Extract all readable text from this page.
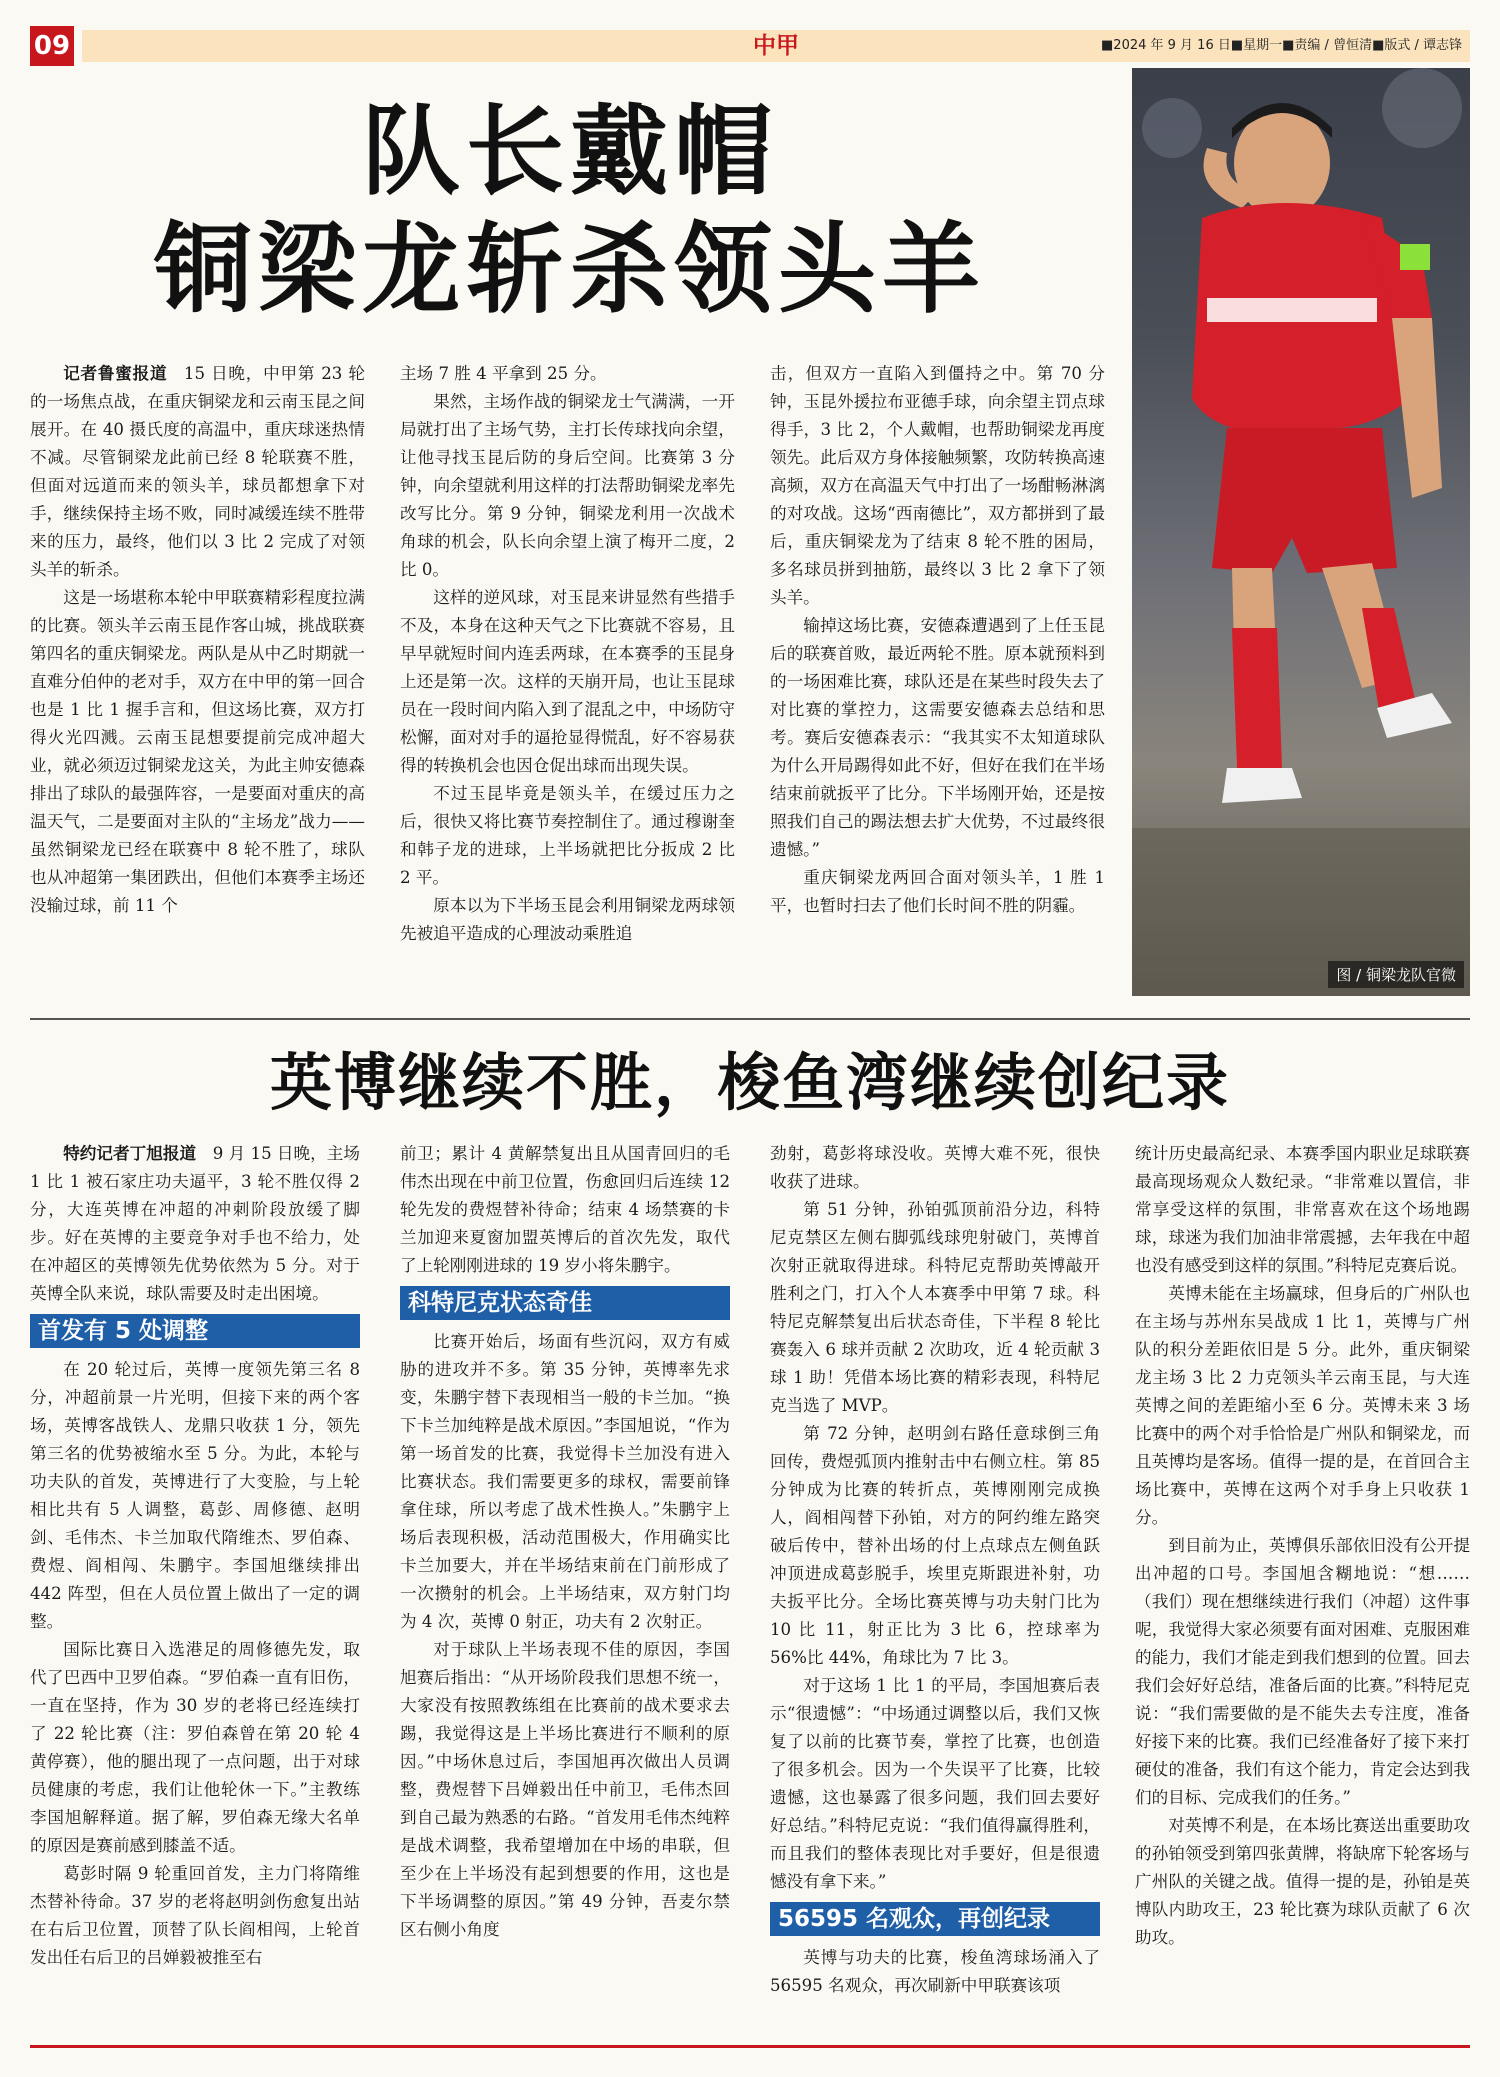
09	中甲	■2024 年 9 月 16 日■星期一■责编 / 曾恒清■版式 / 谭志锋
队长戴帽
铜梁龙斩杀领头羊
图 / 铜梁龙队官微

记者鲁蜜报道  15 日晚，中甲第 23 轮的一场焦点战，在重庆铜梁龙和云南玉昆之间展开。在 40 摄氏度的高温中，重庆球迷热情不减。尽管铜梁龙此前已经 8 轮联赛不胜，但面对远道而来的领头羊，球员都想拿下对手，继续保持主场不败，同时减缓连续不胜带来的压力，最终，他们以 3 比 2 完成了对领头羊的斩杀。

这是一场堪称本轮中甲联赛精彩程度拉满的比赛。领头羊云南玉昆作客山城，挑战联赛第四名的重庆铜梁龙。两队是从中乙时期就一直难分伯仲的老对手，双方在中甲的第一回合也是 1 比 1 握手言和，但这场比赛，双方打得火光四溅。云南玉昆想要提前完成冲超大业，就必须迈过铜梁龙这关，为此主帅安德森排出了球队的最强阵容，一是要面对重庆的高温天气，二是要面对主队的“主场龙”战力——虽然铜梁龙已经在联赛中 8 轮不胜了，球队也从冲超第一集团跌出，但他们本赛季主场还没输过球，前 11 个

主场 7 胜 4 平拿到 25 分。

果然，主场作战的铜梁龙士气满满，一开局就打出了主场气势，主打长传球找向余望，让他寻找玉昆后防的身后空间。比赛第 3 分钟，向余望就利用这样的打法帮助铜梁龙率先改写比分。第 9 分钟，铜梁龙利用一次战术角球的机会，队长向余望上演了梅开二度，2 比 0。

这样的逆风球，对玉昆来讲显然有些措手不及，本身在这种天气之下比赛就不容易，且早早就短时间内连丢两球，在本赛季的玉昆身上还是第一次。这样的天崩开局，也让玉昆球员在一段时间内陷入到了混乱之中，中场防守松懈，面对对手的逼抢显得慌乱，好不容易获得的转换机会也因仓促出球而出现失误。

不过玉昆毕竟是领头羊，在缓过压力之后，很快又将比赛节奏控制住了。通过穆谢奎和韩子龙的进球，上半场就把比分扳成 2 比 2 平。

原本以为下半场玉昆会利用铜梁龙两球领先被追平造成的心理波动乘胜追

击，但双方一直陷入到僵持之中。第 70 分钟，玉昆外援拉布亚德手球，向余望主罚点球得手，3 比 2，个人戴帽，也帮助铜梁龙再度领先。此后双方身体接触频繁，攻防转换高速高频，双方在高温天气中打出了一场酣畅淋漓的对攻战。这场“西南德比”，双方都拼到了最后，重庆铜梁龙为了结束 8 轮不胜的困局，多名球员拼到抽筋，最终以 3 比 2 拿下了领头羊。

输掉这场比赛，安德森遭遇到了上任玉昆后的联赛首败，最近两轮不胜。原本就预料到的一场困难比赛，球队还是在某些时段失去了对比赛的掌控力，这需要安德森去总结和思考。赛后安德森表示：“我其实不太知道球队为什么开局踢得如此不好，但好在我们在半场结束前就扳平了比分。下半场刚开始，还是按照我们自己的踢法想去扩大优势，不过最终很遗憾。”

重庆铜梁龙两回合面对领头羊，1 胜 1 平，也暂时扫去了他们长时间不胜的阴霾。

英博继续不胜，梭鱼湾继续创纪录

特约记者丁旭报道  9 月 15 日晚，主场 1 比 1 被石家庄功夫逼平，3 轮不胜仅得 2 分，大连英博在冲超的冲刺阶段放缓了脚步。好在英博的主要竞争对手也不给力，处在冲超区的英博领先优势依然为 5 分。对于英博全队来说，球队需要及时走出困境。

首发有 5 处调整

在 20 轮过后，英博一度领先第三名 8 分，冲超前景一片光明，但接下来的两个客场，英博客战铁人、龙鼎只收获 1 分，领先第三名的优势被缩水至 5 分。为此，本轮与功夫队的首发，英博进行了大变脸，与上轮相比共有 5 人调整，葛彭、周修德、赵明剑、毛伟杰、卡兰加取代隋维杰、罗伯森、费煜、阎相闯、朱鹏宇。李国旭继续排出 442 阵型，但在人员位置上做出了一定的调整。

国际比赛日入选港足的周修德先发，取代了巴西中卫罗伯森。“罗伯森一直有旧伤，一直在坚持，作为 30 岁的老将已经连续打了 22 轮比赛（注：罗伯森曾在第 20 轮 4 黄停赛），他的腿出现了一点问题，出于对球员健康的考虑，我们让他轮休一下。”主教练李国旭解释道。据了解，罗伯森无缘大名单的原因是赛前感到膝盖不适。

葛彭时隔 9 轮重回首发，主力门将隋维杰替补待命。37 岁的老将赵明剑伤愈复出站在右后卫位置，顶替了队长阎相闯，上轮首发出任右后卫的吕婵毅被推至右

前卫；累计 4 黄解禁复出且从国青回归的毛伟杰出现在中前卫位置，伤愈回归后连续 12 轮先发的费煜替补待命；结束 4 场禁赛的卡兰加迎来夏窗加盟英博后的首次先发，取代了上轮刚刚进球的 19 岁小将朱鹏宇。

科特尼克状态奇佳

比赛开始后，场面有些沉闷，双方有威胁的进攻并不多。第 35 分钟，英博率先求变，朱鹏宇替下表现相当一般的卡兰加。“换下卡兰加纯粹是战术原因。”李国旭说，“作为第一场首发的比赛，我觉得卡兰加没有进入比赛状态。我们需要更多的球权，需要前锋拿住球，所以考虑了战术性换人。”朱鹏宇上场后表现积极，活动范围极大，作用确实比卡兰加要大，并在半场结束前在门前形成了一次攒射的机会。上半场结束，双方射门均为 4 次，英博 0 射正，功夫有 2 次射正。

对于球队上半场表现不佳的原因，李国旭赛后指出：“从开场阶段我们思想不统一，大家没有按照教练组在比赛前的战术要求去踢，我觉得这是上半场比赛进行不顺利的原因。”中场休息过后，李国旭再次做出人员调整，费煜替下吕婵毅出任中前卫，毛伟杰回到自己最为熟悉的右路。“首发用毛伟杰纯粹是战术调整，我希望增加在中场的串联，但至少在上半场没有起到想要的作用，这也是下半场调整的原因。”第 49 分钟，吾麦尔禁区右侧小角度

劲射，葛彭将球没收。英博大难不死，很快收获了进球。

第 51 分钟，孙铂弧顶前沿分边，科特尼克禁区左侧右脚弧线球兜射破门，英博首次射正就取得进球。科特尼克帮助英博敲开胜利之门，打入个人本赛季中甲第 7 球。科特尼克解禁复出后状态奇佳，下半程 8 轮比赛轰入 6 球并贡献 2 次助攻，近 4 轮贡献 3 球 1 助！凭借本场比赛的精彩表现，科特尼克当选了 MVP。

第 72 分钟，赵明剑右路任意球倒三角回传，费煜弧顶内推射击中右侧立柱。第 85 分钟成为比赛的转折点，英博刚刚完成换人，阎相闯替下孙铂，对方的阿约维左路突破后传中，替补出场的付上点球点左侧鱼跃冲顶进成葛彭脱手，埃里克斯跟进补射，功夫扳平比分。全场比赛英博与功夫射门比为 10 比 11，射正比为 3 比 6，控球率为 56%比 44%，角球比为 7 比 3。

对于这场 1 比 1 的平局，李国旭赛后表示“很遗憾”：“中场通过调整以后，我们又恢复了以前的比赛节奏，掌控了比赛，也创造了很多机会。因为一个失误平了比赛，比较遗憾，这也暴露了很多问题，我们回去要好好总结。”科特尼克说：“我们值得赢得胜利，而且我们的整体表现比对手要好，但是很遗憾没有拿下来。”

56595 名观众，再创纪录

英博与功夫的比赛，梭鱼湾球场涌入了 56595 名观众，再次刷新中甲联赛该项

统计历史最高纪录、本赛季国内职业足球联赛最高现场观众人数纪录。“非常难以置信，非常享受这样的氛围，非常喜欢在这个场地踢球，球迷为我们加油非常震撼，去年我在中超也没有感受到这样的氛围。”科特尼克赛后说。

英博未能在主场赢球，但身后的广州队也在主场与苏州东吴战成 1 比 1，英博与广州队的积分差距依旧是 5 分。此外，重庆铜梁龙主场 3 比 2 力克领头羊云南玉昆，与大连英博之间的差距缩小至 6 分。英博未来 3 场比赛中的两个对手恰恰是广州队和铜梁龙，而且英博均是客场。值得一提的是，在首回合主场比赛中，英博在这两个对手身上只收获 1 分。

到目前为止，英博俱乐部依旧没有公开提出冲超的口号。李国旭含糊地说：“想……（我们）现在想继续进行我们（冲超）这件事呢，我觉得大家必须要有面对困难、克服困难的能力，我们才能走到我们想到的位置。回去我们会好好总结，准备后面的比赛。”科特尼克说：“我们需要做的是不能失去专注度，准备好接下来的比赛。我们已经准备好了接下来打硬仗的准备，我们有这个能力，肯定会达到我们的目标、完成我们的任务。”

对英博不利是，在本场比赛送出重要助攻的孙铂领受到第四张黄牌，将缺席下轮客场与广州队的关键之战。值得一提的是，孙铂是英博队内助攻王，23 轮比赛为球队贡献了 6 次助攻。
